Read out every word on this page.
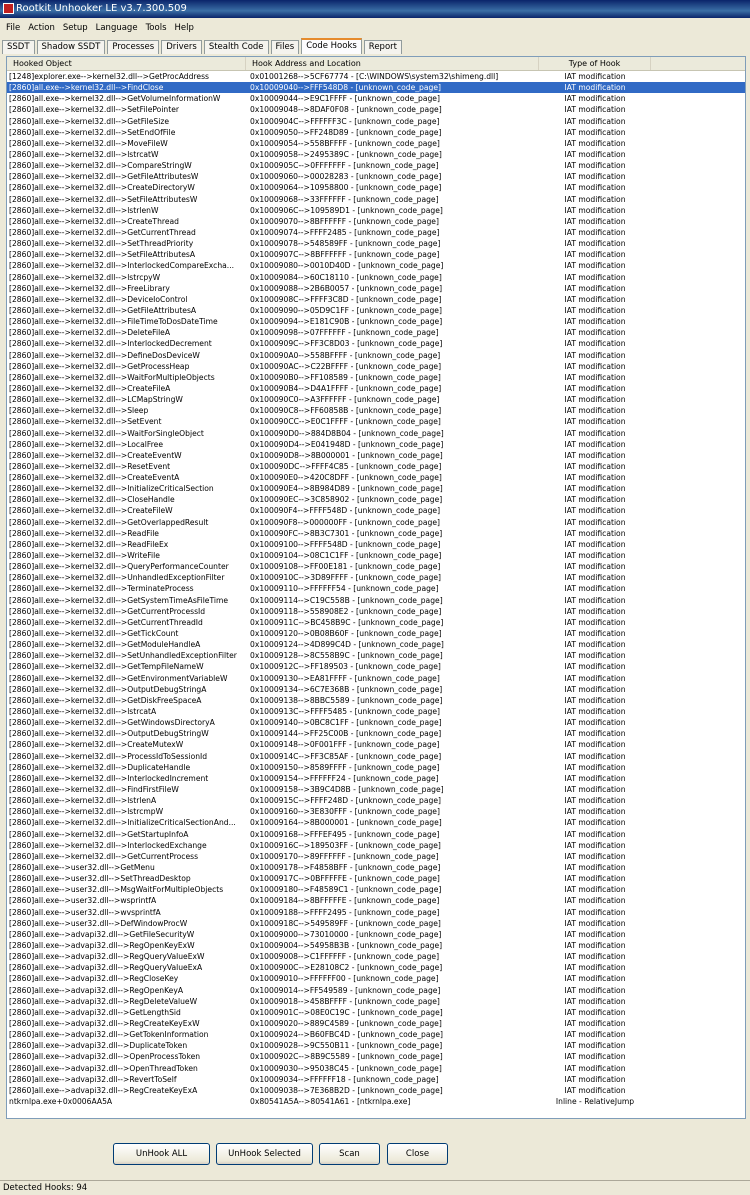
Rootkit Unhooker LE v3.7.300.509
File Action Setup Language Tools Help
SSDT	Shadow SSDT	Processes	Drivers	Stealth Code	Files	Code Hooks	Report
Hooked Object	Hook Address and Location	Type of Hook
[1248]explorer.exe-->kernel32.dll-->GetProcAddress	0x01001268-->5CF67774 - [C:\WINDOWS\system32\shimeng.dll]	IAT modification
[2860]all.exe-->kernel32.dll-->FindClose	0x10009040-->FFF548D8 - [unknown_code_page]	IAT modification
[2860]all.exe-->kernel32.dll-->GetVolumeInformationW	0x10009044-->E9C1FFFF - [unknown_code_page]	IAT modification
[2860]all.exe-->kernel32.dll-->SetFilePointer	0x10009048-->8DAF0F08 - [unknown_code_page]	IAT modification
[2860]all.exe-->kernel32.dll-->GetFileSize	0x1000904C-->FFFFFF3C - [unknown_code_page]	IAT modification
[2860]all.exe-->kernel32.dll-->SetEndOfFile	0x10009050-->FF248D89 - [unknown_code_page]	IAT modification
[2860]all.exe-->kernel32.dll-->MoveFileW	0x10009054-->558BFFFF - [unknown_code_page]	IAT modification
[2860]all.exe-->kernel32.dll-->lstrcatW	0x10009058-->2495389C - [unknown_code_page]	IAT modification
[2860]all.exe-->kernel32.dll-->CompareStringW	0x1000905C-->0FFFFFFF - [unknown_code_page]	IAT modification
[2860]all.exe-->kernel32.dll-->GetFileAttributesW	0x10009060-->00028283 - [unknown_code_page]	IAT modification
[2860]all.exe-->kernel32.dll-->CreateDirectoryW	0x10009064-->10958800 - [unknown_code_page]	IAT modification
[2860]all.exe-->kernel32.dll-->SetFileAttributesW	0x10009068-->33FFFFFF - [unknown_code_page]	IAT modification
[2860]all.exe-->kernel32.dll-->lstrlenW	0x1000906C-->109589D1 - [unknown_code_page]	IAT modification
[2860]all.exe-->kernel32.dll-->CreateThread	0x10009070-->8BFFFFFF - [unknown_code_page]	IAT modification
[2860]all.exe-->kernel32.dll-->GetCurrentThread	0x10009074-->FFFF2485 - [unknown_code_page]	IAT modification
[2860]all.exe-->kernel32.dll-->SetThreadPriority	0x10009078-->548589FF - [unknown_code_page]	IAT modification
[2860]all.exe-->kernel32.dll-->SetFileAttributesA	0x1000907C-->8BFFFFFF - [unknown_code_page]	IAT modification
[2860]all.exe-->kernel32.dll-->InterlockedCompareExcha...	0x10009080-->0010D40D - [unknown_code_page]	IAT modification
[2860]all.exe-->kernel32.dll-->lstrcpyW	0x10009084-->60C18110 - [unknown_code_page]	IAT modification
[2860]all.exe-->kernel32.dll-->FreeLibrary	0x10009088-->2B6B0057 - [unknown_code_page]	IAT modification
[2860]all.exe-->kernel32.dll-->DeviceIoControl	0x1000908C-->FFFF3C8D - [unknown_code_page]	IAT modification
[2860]all.exe-->kernel32.dll-->GetFileAttributesA	0x10009090-->05D9C1FF - [unknown_code_page]	IAT modification
[2860]all.exe-->kernel32.dll-->FileTimeToDosDateTime	0x10009094-->E181C90B - [unknown_code_page]	IAT modification
[2860]all.exe-->kernel32.dll-->DeleteFileA	0x10009098-->07FFFFFF - [unknown_code_page]	IAT modification
[2860]all.exe-->kernel32.dll-->InterlockedDecrement	0x1000909C-->FF3C8D03 - [unknown_code_page]	IAT modification
[2860]all.exe-->kernel32.dll-->DefineDosDeviceW	0x100090A0-->558BFFFF - [unknown_code_page]	IAT modification
[2860]all.exe-->kernel32.dll-->GetProcessHeap	0x100090AC-->C22BFFFF - [unknown_code_page]	IAT modification
[2860]all.exe-->kernel32.dll-->WaitForMultipleObjects	0x100090B0-->FF108589 - [unknown_code_page]	IAT modification
[2860]all.exe-->kernel32.dll-->CreateFileA	0x100090B4-->D4A1FFFF - [unknown_code_page]	IAT modification
[2860]all.exe-->kernel32.dll-->LCMapStringW	0x100090C0-->A3FFFFFF - [unknown_code_page]	IAT modification
[2860]all.exe-->kernel32.dll-->Sleep	0x100090C8-->FF60858B - [unknown_code_page]	IAT modification
[2860]all.exe-->kernel32.dll-->SetEvent	0x100090CC-->E0C1FFFF - [unknown_code_page]	IAT modification
[2860]all.exe-->kernel32.dll-->WaitForSingleObject	0x100090D0-->884D8B04 - [unknown_code_page]	IAT modification
[2860]all.exe-->kernel32.dll-->LocalFree	0x100090D4-->E041948D - [unknown_code_page]	IAT modification
[2860]all.exe-->kernel32.dll-->CreateEventW	0x100090D8-->8B000001 - [unknown_code_page]	IAT modification
[2860]all.exe-->kernel32.dll-->ResetEvent	0x100090DC-->FFFF4C85 - [unknown_code_page]	IAT modification
[2860]all.exe-->kernel32.dll-->CreateEventA	0x100090E0-->420C8DFF - [unknown_code_page]	IAT modification
[2860]all.exe-->kernel32.dll-->InitializeCriticalSection	0x100090E4-->8B984D89 - [unknown_code_page]	IAT modification
[2860]all.exe-->kernel32.dll-->CloseHandle	0x100090EC-->3C858902 - [unknown_code_page]	IAT modification
[2860]all.exe-->kernel32.dll-->CreateFileW	0x100090F4-->FFFF548D - [unknown_code_page]	IAT modification
[2860]all.exe-->kernel32.dll-->GetOverlappedResult	0x100090F8-->000000FF - [unknown_code_page]	IAT modification
[2860]all.exe-->kernel32.dll-->ReadFile	0x100090FC-->8B3C7301 - [unknown_code_page]	IAT modification
[2860]all.exe-->kernel32.dll-->ReadFileEx	0x10009100-->FFFF548D - [unknown_code_page]	IAT modification
[2860]all.exe-->kernel32.dll-->WriteFile	0x10009104-->08C1C1FF - [unknown_code_page]	IAT modification
[2860]all.exe-->kernel32.dll-->QueryPerformanceCounter	0x10009108-->FF00E181 - [unknown_code_page]	IAT modification
[2860]all.exe-->kernel32.dll-->UnhandledExceptionFilter	0x1000910C-->3D89FFFF - [unknown_code_page]	IAT modification
[2860]all.exe-->kernel32.dll-->TerminateProcess	0x10009110-->FFFFFF54 - [unknown_code_page]	IAT modification
[2860]all.exe-->kernel32.dll-->GetSystemTimeAsFileTime	0x10009114-->C19C558B - [unknown_code_page]	IAT modification
[2860]all.exe-->kernel32.dll-->GetCurrentProcessId	0x10009118-->558908E2 - [unknown_code_page]	IAT modification
[2860]all.exe-->kernel32.dll-->GetCurrentThreadId	0x1000911C-->BC458B9C - [unknown_code_page]	IAT modification
[2860]all.exe-->kernel32.dll-->GetTickCount	0x10009120-->0B08B60F - [unknown_code_page]	IAT modification
[2860]all.exe-->kernel32.dll-->GetModuleHandleA	0x10009124-->4D899C4D - [unknown_code_page]	IAT modification
[2860]all.exe-->kernel32.dll-->SetUnhandledExceptionFilter	0x10009128-->8C558B9C - [unknown_code_page]	IAT modification
[2860]all.exe-->kernel32.dll-->GetTempFileNameW	0x1000912C-->FF189503 - [unknown_code_page]	IAT modification
[2860]all.exe-->kernel32.dll-->GetEnvironmentVariableW	0x10009130-->EA81FFFF - [unknown_code_page]	IAT modification
[2860]all.exe-->kernel32.dll-->OutputDebugStringA	0x10009134-->6C7E368B - [unknown_code_page]	IAT modification
[2860]all.exe-->kernel32.dll-->GetDiskFreeSpaceA	0x10009138-->8BBC5589 - [unknown_code_page]	IAT modification
[2860]all.exe-->kernel32.dll-->lstrcatA	0x1000913C-->FFFF5485 - [unknown_code_page]	IAT modification
[2860]all.exe-->kernel32.dll-->GetWindowsDirectoryA	0x10009140-->0BC8C1FF - [unknown_code_page]	IAT modification
[2860]all.exe-->kernel32.dll-->OutputDebugStringW	0x10009144-->FF25C00B - [unknown_code_page]	IAT modification
[2860]all.exe-->kernel32.dll-->CreateMutexW	0x10009148-->0F001FFF - [unknown_code_page]	IAT modification
[2860]all.exe-->kernel32.dll-->ProcessIdToSessionId	0x1000914C-->FF3C85AF - [unknown_code_page]	IAT modification
[2860]all.exe-->kernel32.dll-->DuplicateHandle	0x10009150-->8589FFFF - [unknown_code_page]	IAT modification
[2860]all.exe-->kernel32.dll-->InterlockedIncrement	0x10009154-->FFFFFF24 - [unknown_code_page]	IAT modification
[2860]all.exe-->kernel32.dll-->FindFirstFileW	0x10009158-->3B9C4D8B - [unknown_code_page]	IAT modification
[2860]all.exe-->kernel32.dll-->lstrlenA	0x1000915C-->FFFF248D - [unknown_code_page]	IAT modification
[2860]all.exe-->kernel32.dll-->lstrcmpW	0x10009160-->3E830FFF - [unknown_code_page]	IAT modification
[2860]all.exe-->kernel32.dll-->InitializeCriticalSectionAnd...	0x10009164-->8B000001 - [unknown_code_page]	IAT modification
[2860]all.exe-->kernel32.dll-->GetStartupInfoA	0x10009168-->FFFEF495 - [unknown_code_page]	IAT modification
[2860]all.exe-->kernel32.dll-->InterlockedExchange	0x1000916C-->189503FF - [unknown_code_page]	IAT modification
[2860]all.exe-->kernel32.dll-->GetCurrentProcess	0x10009170-->89FFFFFF - [unknown_code_page]	IAT modification
[2860]all.exe-->user32.dll-->GetMenu	0x10009178-->F4858BFF - [unknown_code_page]	IAT modification
[2860]all.exe-->user32.dll-->SetThreadDesktop	0x1000917C-->0BFFFFFE - [unknown_code_page]	IAT modification
[2860]all.exe-->user32.dll-->MsgWaitForMultipleObjects	0x10009180-->F48589C1 - [unknown_code_page]	IAT modification
[2860]all.exe-->user32.dll-->wsprintfA	0x10009184-->8BFFFFFE - [unknown_code_page]	IAT modification
[2860]all.exe-->user32.dll-->wvsprintfA	0x10009188-->FFFF2495 - [unknown_code_page]	IAT modification
[2860]all.exe-->user32.dll-->DefWindowProcW	0x1000918C-->549589FF - [unknown_code_page]	IAT modification
[2860]all.exe-->advapi32.dll-->GetFileSecurityW	0x10009000-->73010000 - [unknown_code_page]	IAT modification
[2860]all.exe-->advapi32.dll-->RegOpenKeyExW	0x10009004-->54958B3B - [unknown_code_page]	IAT modification
[2860]all.exe-->advapi32.dll-->RegQueryValueExW	0x10009008-->C1FFFFFF - [unknown_code_page]	IAT modification
[2860]all.exe-->advapi32.dll-->RegQueryValueExA	0x1000900C-->E28108C2 - [unknown_code_page]	IAT modification
[2860]all.exe-->advapi32.dll-->RegCloseKey	0x10009010-->FFFFFF00 - [unknown_code_page]	IAT modification
[2860]all.exe-->advapi32.dll-->RegOpenKeyA	0x10009014-->FF549589 - [unknown_code_page]	IAT modification
[2860]all.exe-->advapi32.dll-->RegDeleteValueW	0x10009018-->458BFFFF - [unknown_code_page]	IAT modification
[2860]all.exe-->advapi32.dll-->GetLengthSid	0x1000901C-->08E0C19C - [unknown_code_page]	IAT modification
[2860]all.exe-->advapi32.dll-->RegCreateKeyExW	0x10009020-->889C4589 - [unknown_code_page]	IAT modification
[2860]all.exe-->advapi32.dll-->GetTokenInformation	0x10009024-->B60FBC4D - [unknown_code_page]	IAT modification
[2860]all.exe-->advapi32.dll-->DuplicateToken	0x10009028-->9C550B11 - [unknown_code_page]	IAT modification
[2860]all.exe-->advapi32.dll-->OpenProcessToken	0x1000902C-->8B9C5589 - [unknown_code_page]	IAT modification
[2860]all.exe-->advapi32.dll-->OpenThreadToken	0x10009030-->95038C45 - [unknown_code_page]	IAT modification
[2860]all.exe-->advapi32.dll-->RevertToSelf	0x10009034-->FFFFFF18 - [unknown_code_page]	IAT modification
[2860]all.exe-->advapi32.dll-->RegCreateKeyExA	0x10009038-->7E368B2D - [unknown_code_page]	IAT modification
ntkrnlpa.exe+0x0006AA5A	0x80541A5A-->80541A61 - [ntkrnlpa.exe]	Inline - RelativeJump
UnHook ALL	UnHook Selected	Scan	Close
Detected Hooks: 94
